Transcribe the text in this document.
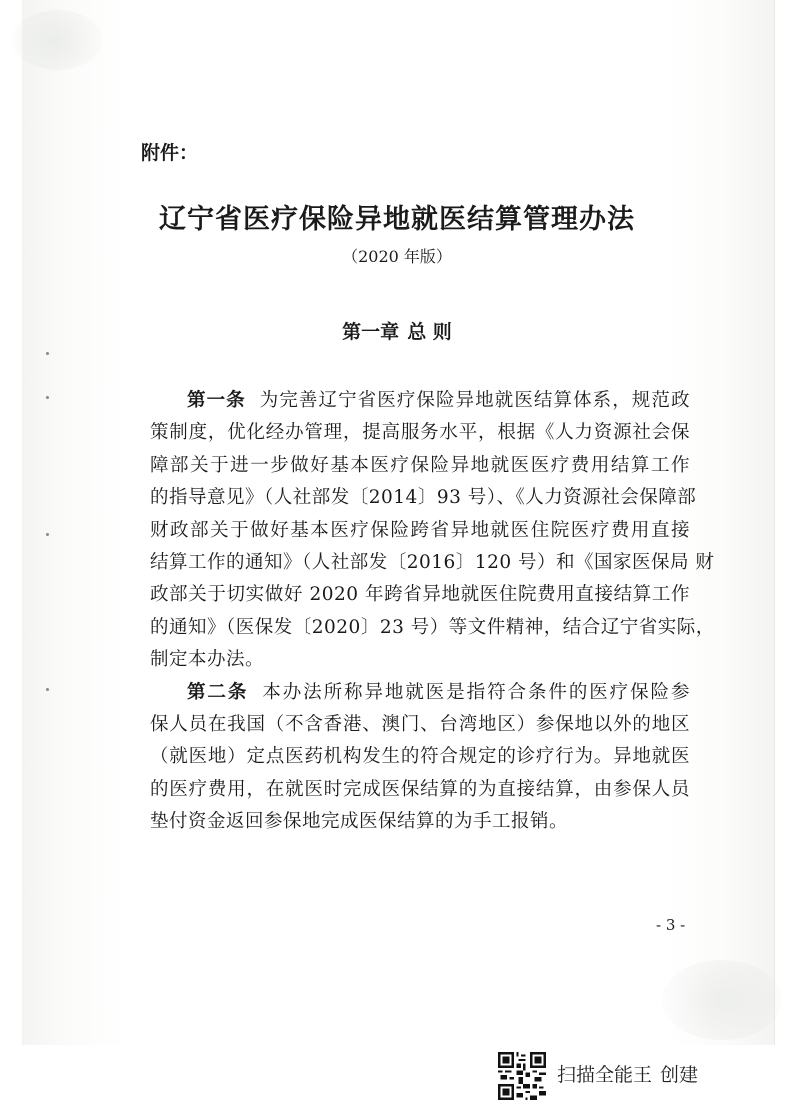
附件：
辽宁省医疗保险异地就医结算管理办法
（2020 年版）
第一章 总 则
第一条 为完善辽宁省医疗保险异地就医结算体系，规范政
策制度，优化经办管理，提高服务水平，根据《人力资源社会保
障部关于进一步做好基本医疗保险异地就医医疗费用结算工作
的指导意见》（人社部发〔2014〕93 号）、《人力资源社会保障部
财政部关于做好基本医疗保险跨省异地就医住院医疗费用直接
结算工作的通知》（人社部发〔2016〕120 号）和《国家医保局 财
政部关于切实做好 2020 年跨省异地就医住院费用直接结算工作
的通知》（医保发〔2020〕23 号）等文件精神，结合辽宁省实际，
制定本办法。
第二条 本办法所称异地就医是指符合条件的医疗保险参
保人员在我国（不含香港、澳门、台湾地区）参保地以外的地区
（就医地）定点医药机构发生的符合规定的诊疗行为。异地就医
的医疗费用，在就医时完成医保结算的为直接结算，由参保人员
垫付资金返回参保地完成医保结算的为手工报销。
- 3 -
扫描全能王 创建
